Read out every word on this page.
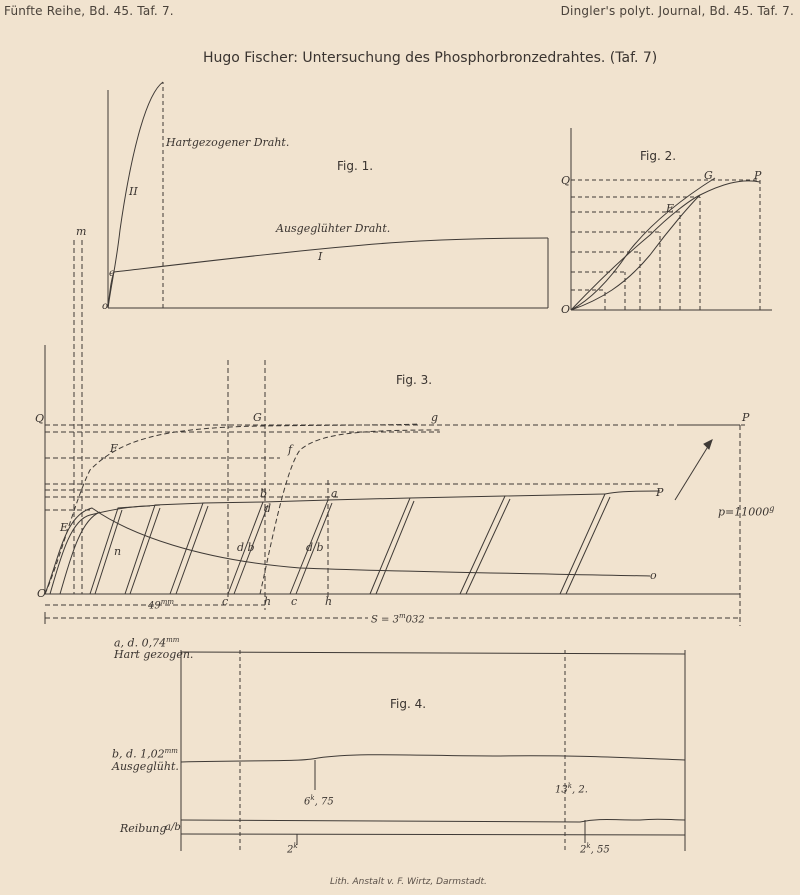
Fünfte Reihe, Bd. 45. Taf. 7.	Dingler's polyt. Journal, Bd. 45. Taf. 7.
Hugo Fischer: Untersuchung des Phosphorbronzedrahtes. (Taf. 7)
Fig. 1.
Hartgezogener Draht.
Ausgeglühter Draht.
I
II
e
o
Fig. 2.
Q	G	P
E
O
Fig. 3.
Q	G	g
F	f
P
P
E
m
n
O
o
a
b
d
d b	d b
c	h c	h
$p=11000^g$
$49^{mm}$
$S = 3^m032$
Fig. 4.
a, d. $0,74^{mm}$
Hart gezogen.
b, d. $1,02^{mm}$
Ausgeglüht.
Reibung
a/b
6$^k$, 75
13$^k$, 2.
2$^k$	2$^k$, 55
Lith. Anstalt v. F. Wirtz, Darmstadt.
